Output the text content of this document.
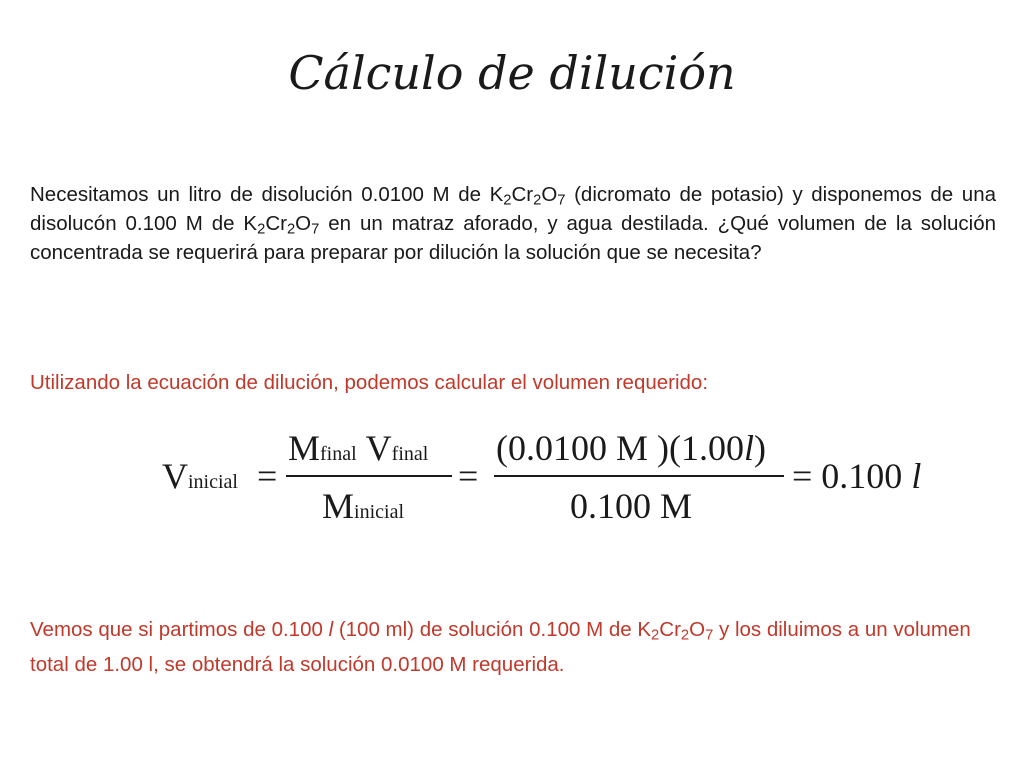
Cálculo de dilución
Necesitamos un litro de disolución 0.0100 M de $K_2Cr_2O_7$ (dicromato de potasio) y disponemos de una disolucón 0.100 M de $K_2Cr_2O_7$ en un matraz aforado, y agua destilada. ¿Qué volumen de la solución concentrada se requerirá para preparar por dilución la solución que se necesita?
Utilizando la ecuación de dilución, podemos calcular el volumen requerido:
Vinicial =
Mfinal Vfinal
Minicial
=
(0.0100 M )(1.00l)
0.100 M
= 0.100 l
Vemos que si partimos de 0.100 l (100 ml) de solución 0.100 M de $K_2Cr_2O_7$ y los diluimos a un volumen total de 1.00 l, se obtendrá la solución 0.0100 M requerida.
